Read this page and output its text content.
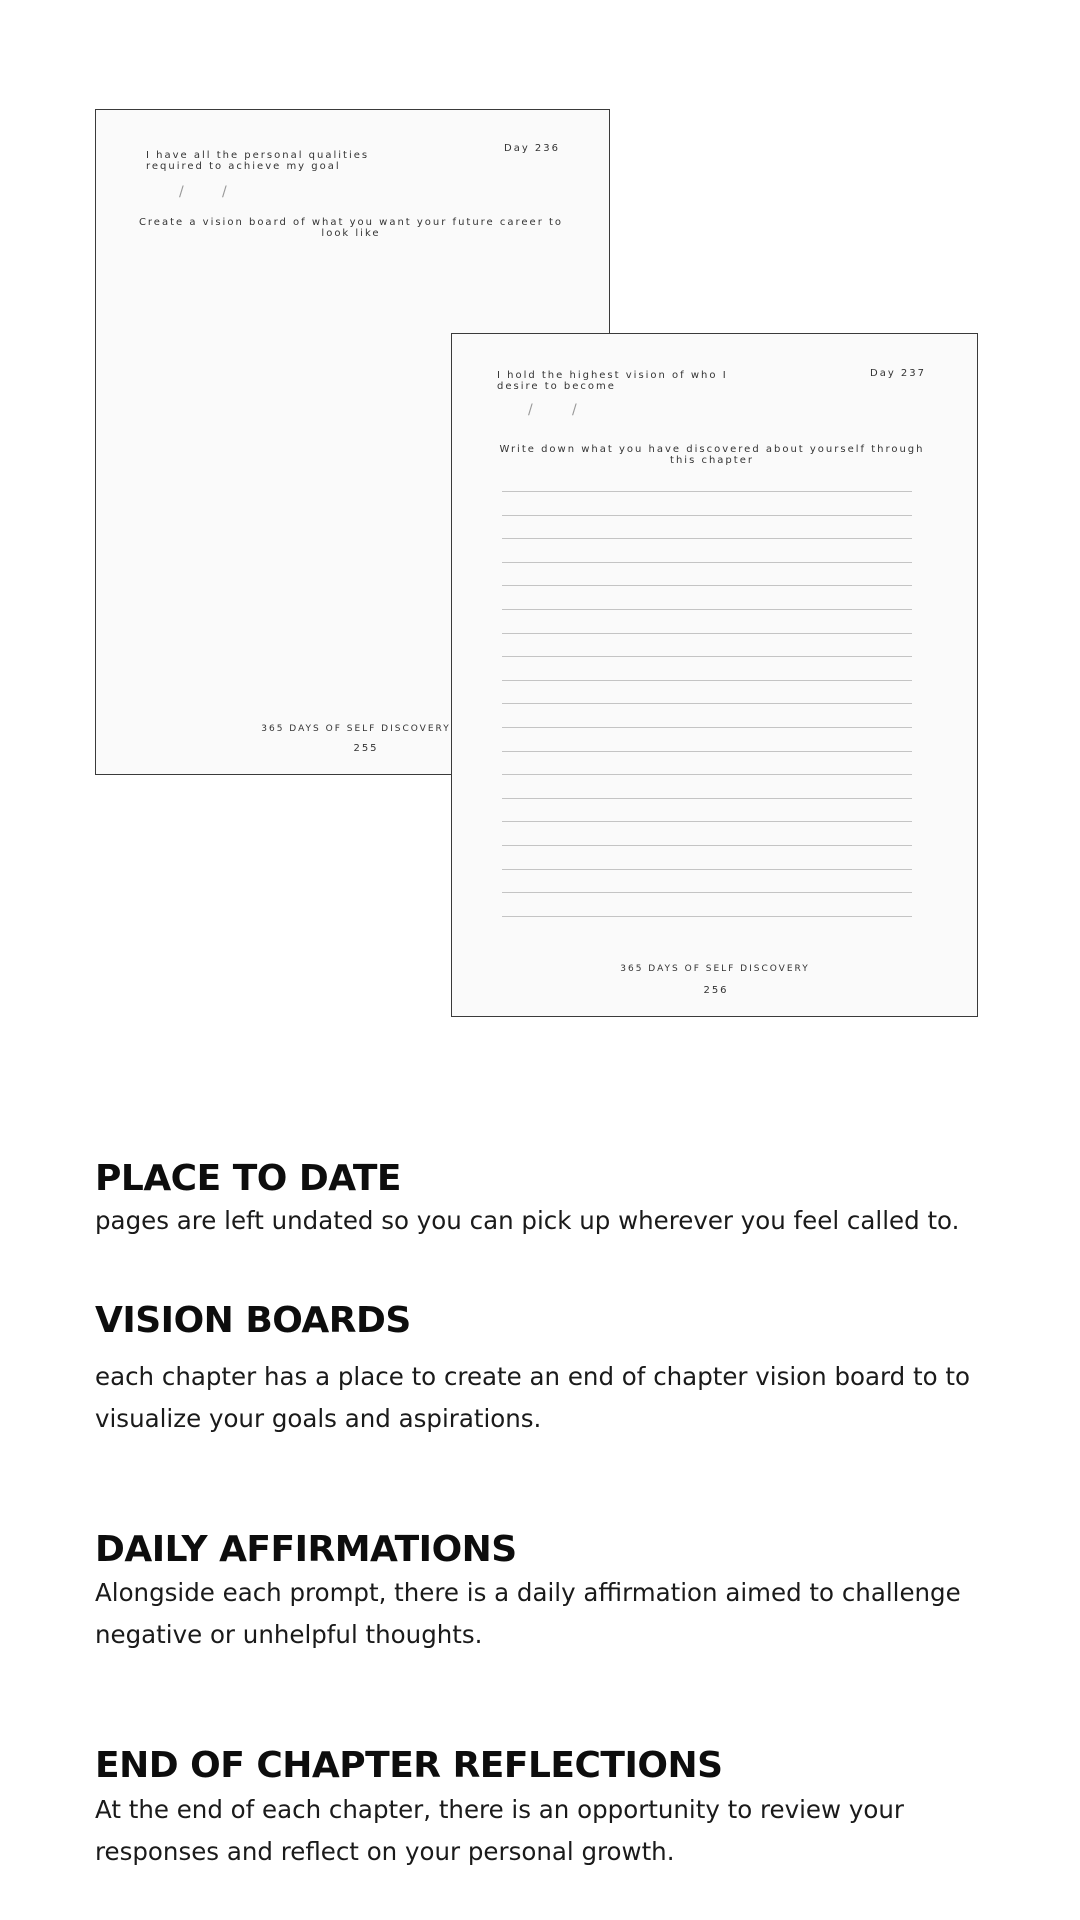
I have all the personal qualities required to achieve my goal
Day 236
/	/
Create a vision board of what you want your future career to look like
365 DAYS OF SELF DISCOVERY
255
I hold the highest vision of who I desire to become
Day 237
/	/
Write down what you have discovered about yourself through this chapter
365 DAYS OF SELF DISCOVERY
256
PLACE TO DATE

pages are left undated so you can pick up wherever you feel called to.

VISION BOARDS

each chapter has a place to create an end of chapter vision board to to visualize your goals and aspirations.

DAILY AFFIRMATIONS

Alongside each prompt, there is a daily affirmation aimed to challenge negative or unhelpful thoughts.

END OF CHAPTER REFLECTIONS

At the end of each chapter, there is an opportunity to review your responses and reflect on your personal growth.
